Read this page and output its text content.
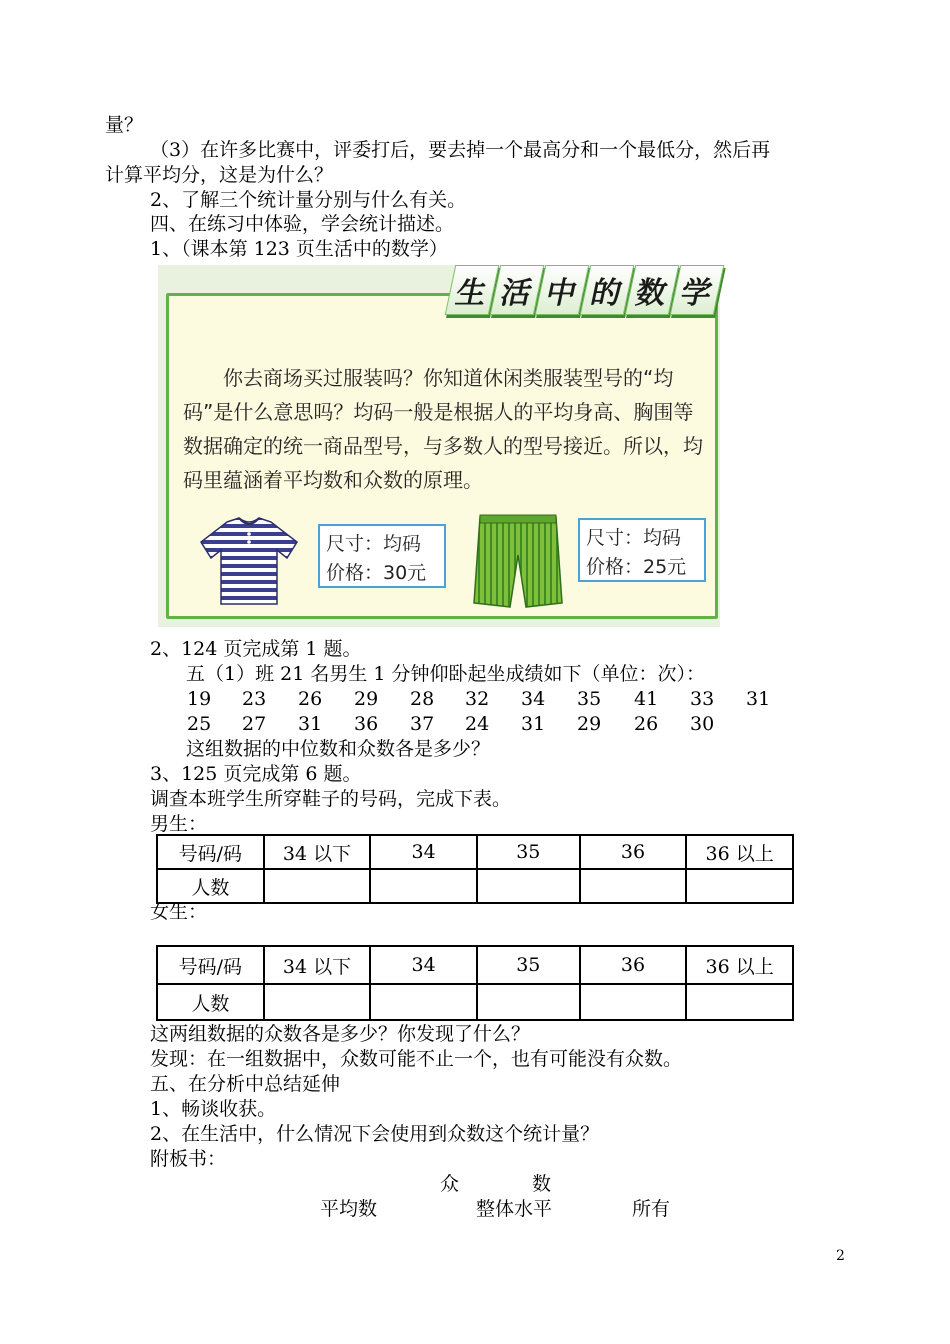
量？
（3）在许多比赛中，评委打后，要去掉一个最高分和一个最低分，然后再
计算平均分，这是为什么？
2、了解三个统计量分别与什么有关。
四、在练习中体验，学会统计描述。
1、（课本第 123 页生活中的数学）

你去商场买过服装吗？你知道休闲类服装型号的“均码”是什么意思吗？均码一般是根据人的平均身高、胸围等数据确定的统一商品型号，与多数人的型号接近。所以，均码里蕴涵着平均数和众数的原理。

尺寸：均码
价格：30元
尺寸：均码
价格：25元
生 活 中 的 数 学
2、124 页完成第 1 题。
五（1）班 21 名男生 1 分钟仰卧起坐成绩如下（单位：次）：
19 23 26 29 28 32 34 35 41 33 31
25 27 31 36 37 24 31 29 26 30
这组数据的中位数和众数各是多少？
3、125 页完成第 6 题。
调查本班学生所穿鞋子的号码，完成下表。
男生：
号码/码	34 以下	34	35	36	36 以上
人数					
女生：
号码/码	34 以下	34	35	36	36 以上
人数					
这两组数据的众数各是多少？你发现了什么？
发现：在一组数据中，众数可能不止一个，也有可能没有众数。
五、在分析中总结延伸
1、畅谈收获。
2、在生活中，什么情况下会使用到众数这个统计量？
附板书：
众	数
平均数	整体水平	所有
2
